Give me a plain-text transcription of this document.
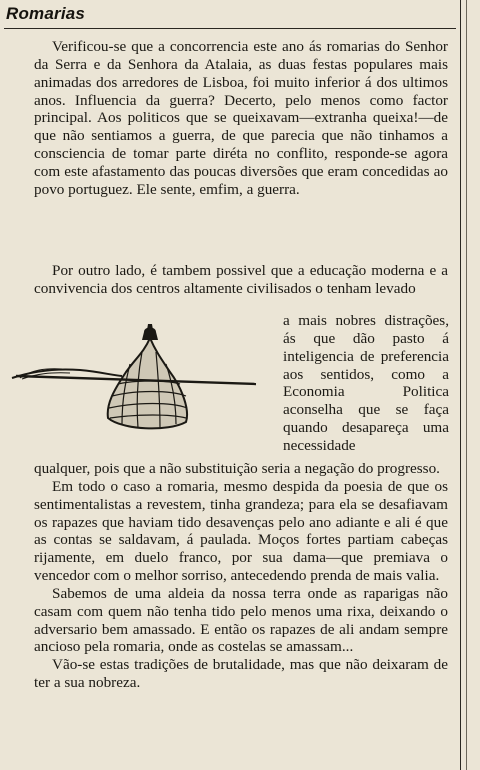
Romarias

Verificou-se que a concorrencia este ano ás romarias do Senhor da Serra e da Senhora da Atalaia, as duas festas populares mais animadas dos arredores de Lisboa, foi muito inferior á dos ultimos anos. Influencia da guerra? Decerto, pelo menos como factor principal. Aos politicos que se queixavam—extranha queixa!—de que não sentiamos a guerra, de que parecia que não tinhamos a consciencia de tomar parte diréta no conflito, responde-se agora com este afastamento das poucas diversões que eram concedidas ao povo portuguez. Ele sente, emfim, a guerra.

Por outro lado, é tambem possivel que a educação moderna e a convivencia dos centros altamente civilisados o tenham levado

a mais nobres distrações, ás que dão pasto á inteligencia de preferencia aos sentidos, como a Economia Politica aconselha que se faça quando desapareça uma necessidade

qualquer, pois que a não substituição seria a negação do progresso.

Em todo o caso a romaria, mesmo despida da poesia de que os sentimentalistas a revestem, tinha grandeza; para ela se desafiavam os rapazes que haviam tido desavenças pelo ano adiante e ali é que as contas se saldavam, á paulada. Moços fortes partiam cabeças rijamente, em duelo franco, por sua dama—que premiava o vencedor com o melhor sorriso, antecedendo prenda de mais valia.

Sabemos de uma aldeia da nossa terra onde as raparigas não casam com quem não tenha tido pelo menos uma rixa, deixando o adversario bem amassado. E então os rapazes de ali andam sempre ancioso pela romaria, onde as costelas se amassam...

Vão-se estas tradições de brutalidade, mas que não deixaram de ter a sua nobreza.
